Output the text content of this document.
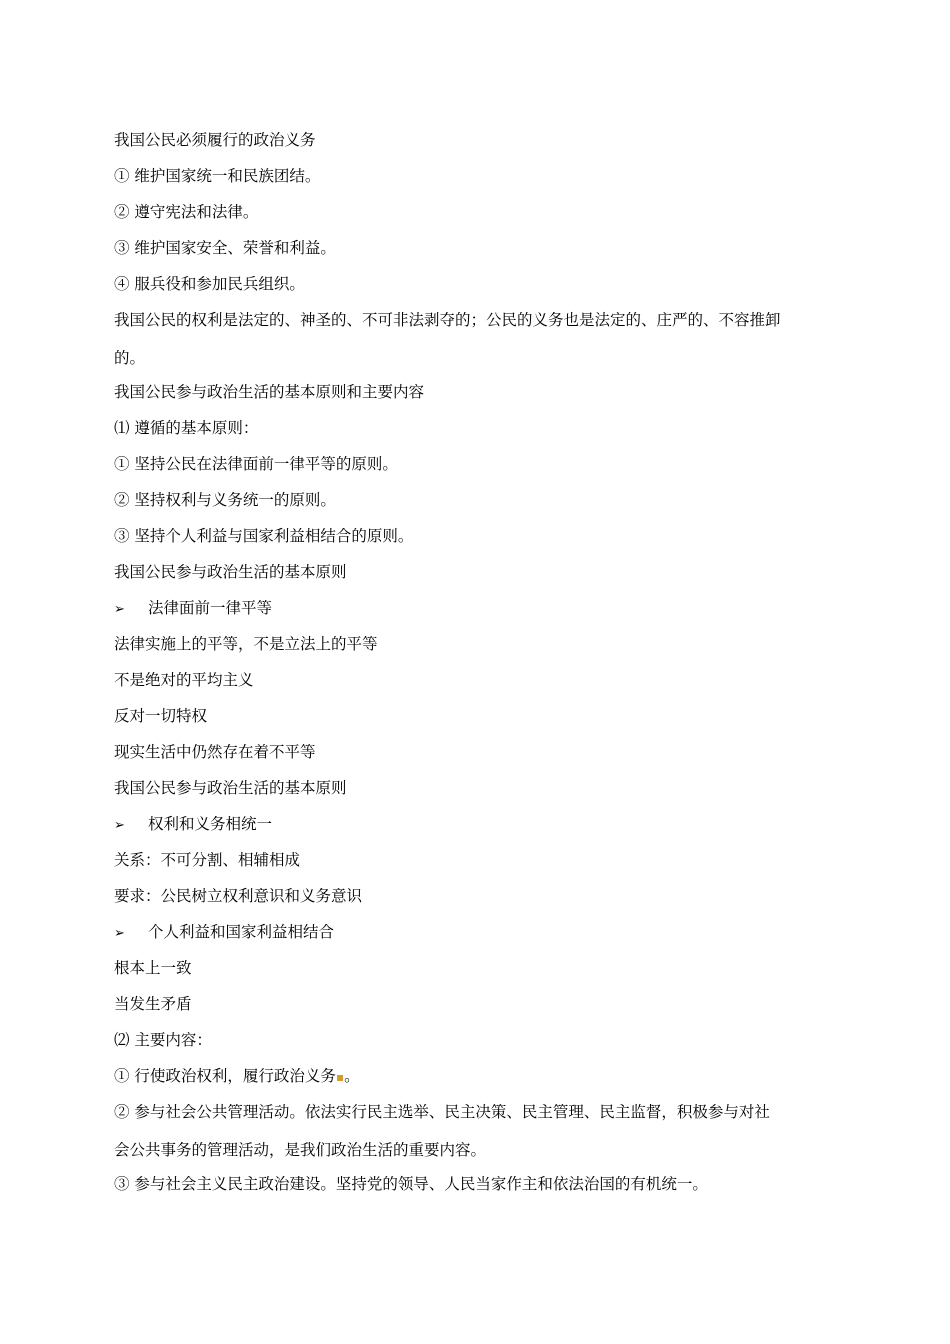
我国公民必须履行的政治义务
① 维护国家统一和民族团结。
② 遵守宪法和法律。
③ 维护国家安全、荣誉和利益。
④ 服兵役和参加民兵组织。
我国公民的权利是法定的、神圣的、不可非法剥夺的；公民的义务也是法定的、庄严的、不容推卸
的。
我国公民参与政治生活的基本原则和主要内容
⑴ 遵循的基本原则：
① 坚持公民在法律面前一律平等的原则。
② 坚持权利与义务统一的原则。
③ 坚持个人利益与国家利益相结合的原则。
我国公民参与政治生活的基本原则
➢ 法律面前一律平等
法律实施上的平等，不是立法上的平等
不是绝对的平均主义
反对一切特权
现实生活中仍然存在着不平等
我国公民参与政治生活的基本原则
➢ 权利和义务相统一
关系：不可分割、相辅相成
要求：公民树立权利意识和义务意识
➢ 个人利益和国家利益相结合
根本上一致
当发生矛盾
⑵ 主要内容：
① 行使政治权利，履行政治义务▪。
② 参与社会公共管理活动。依法实行民主选举、民主决策、民主管理、民主监督，积极参与对社
会公共事务的管理活动，是我们政治生活的重要内容。
③ 参与社会主义民主政治建设。坚持党的领导、人民当家作主和依法治国的有机统一。
